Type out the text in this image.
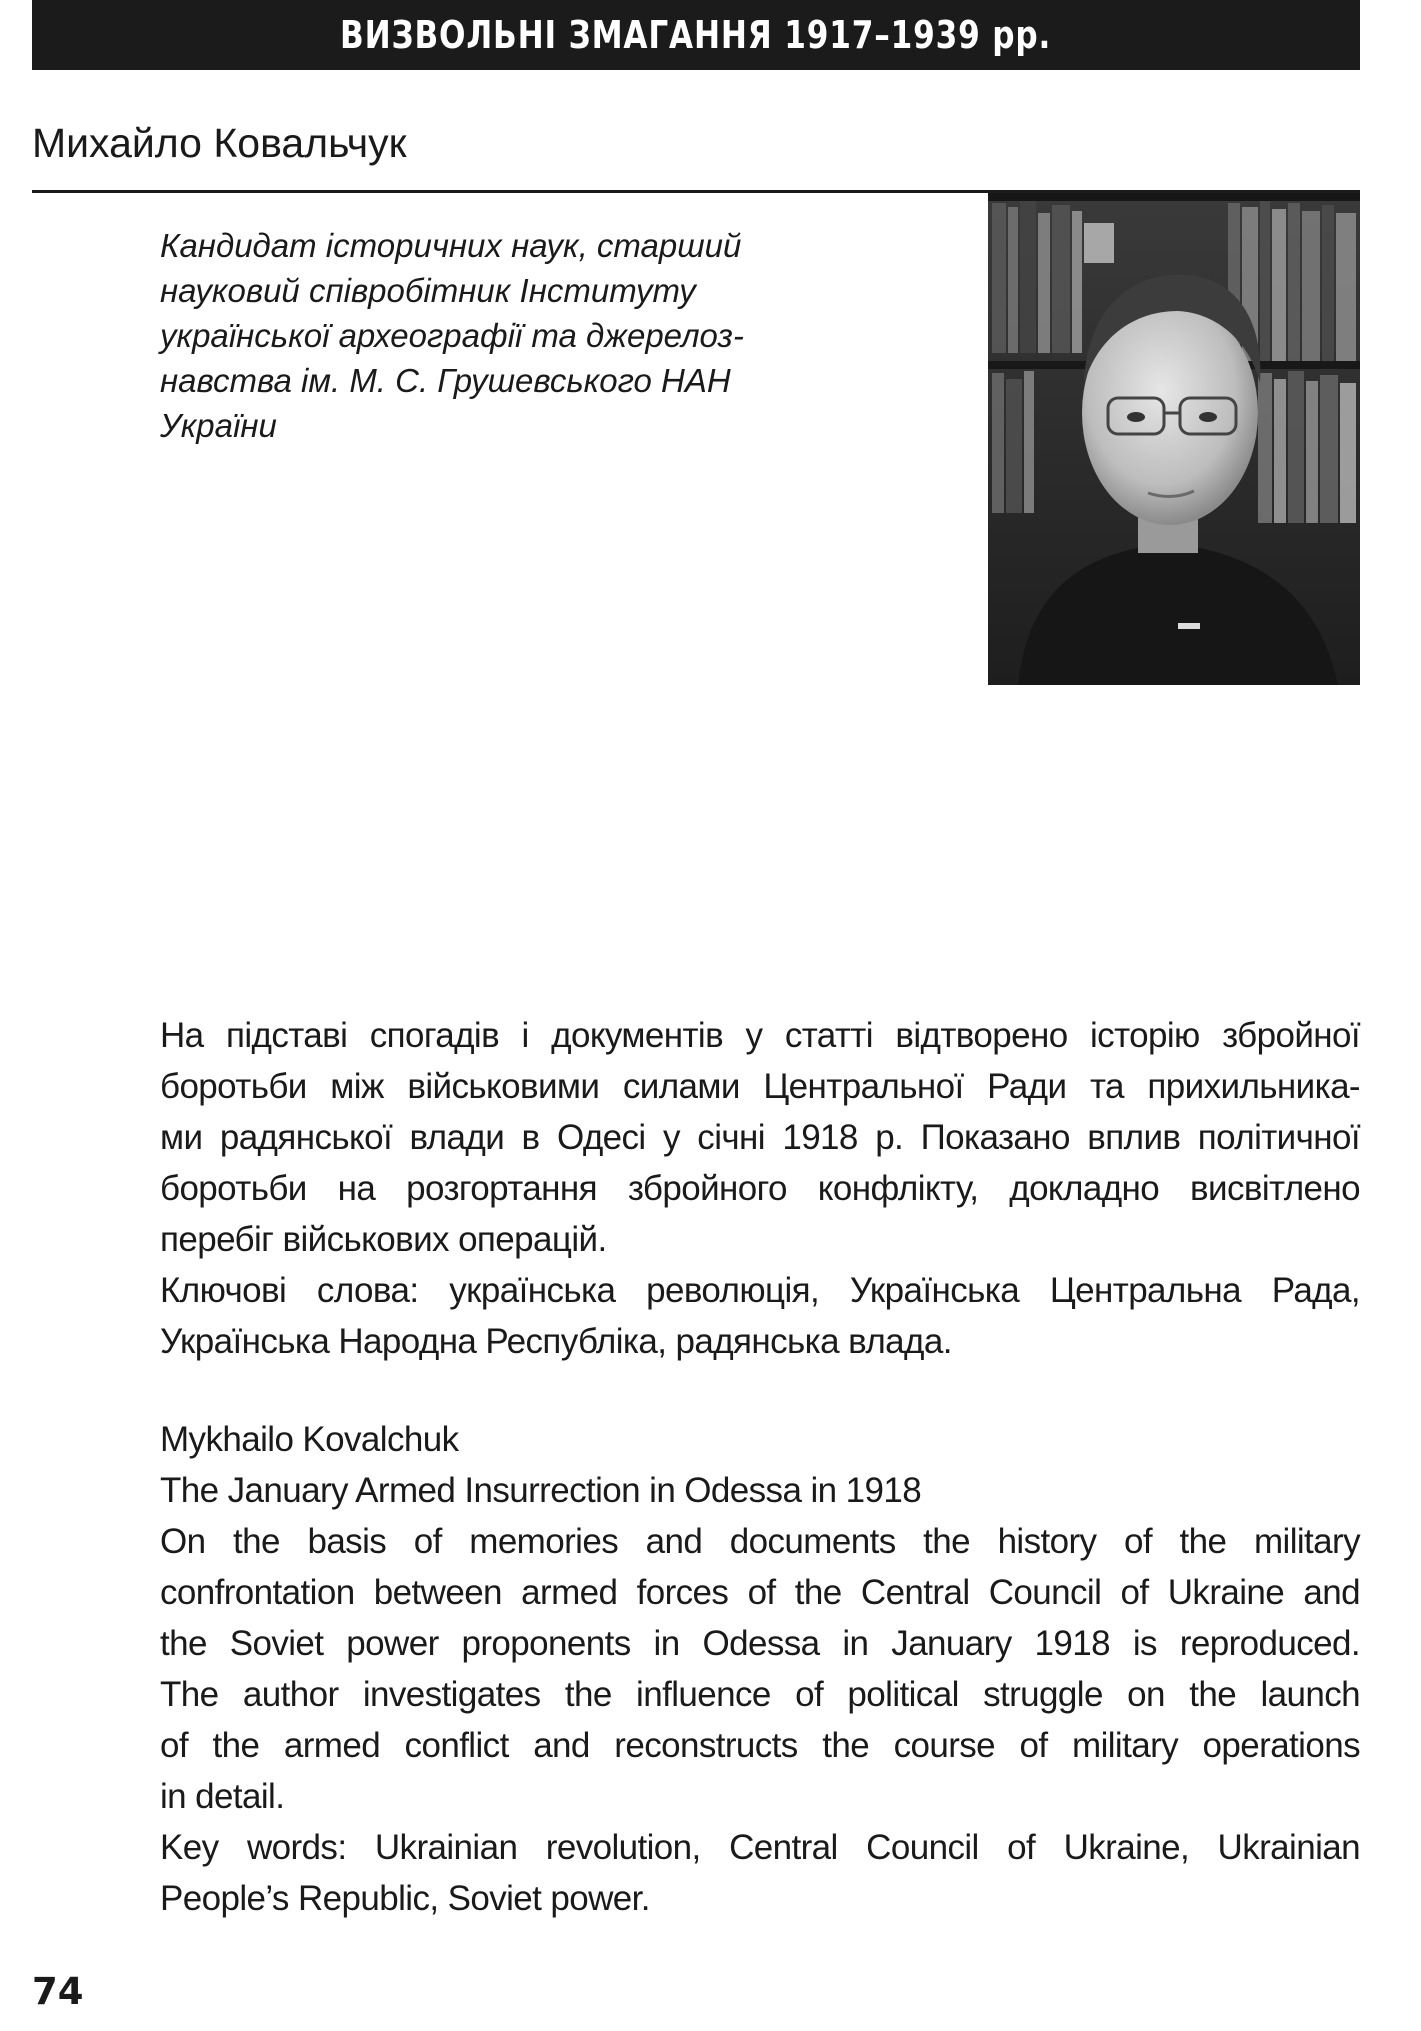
ВИЗВОЛЬНІ ЗМАГАННЯ 1917–1939 рр.
Михайло Ковальчук
Кандидат історичних наук, старший
науковий співробітник Інституту
української археографії та джерелоз-
навства ім. М. С. Грушевського НАН
України
На підставі спогадів і документів у статті відтворено історію збройної
боротьби між військовими силами Центральної Ради та прихильника-
ми радянської влади в Одесі у січні 1918 р. Показано вплив політичної
боротьби на розгортання збройного конфлікту, докладно висвітлено
перебіг військових операцій.
Ключові слова: українська революція, Українська Центральна Рада,
Українська Народна Республіка, радянська влада.
Mykhailo Kovalchuk
The January Armed Insurrection in Odessa in 1918
On the basis of memories and documents the history of the military
confrontation between armed forces of the Central Council of Ukraine and
the Soviet power proponents in Odessa in January 1918 is reproduced.
The author investigates the influence of political struggle on the launch
of the armed conflict and reconstructs the course of military operations
in detail.
Key words: Ukrainian revolution, Central Council of Ukraine, Ukrainian
People’s Republic, Soviet power.
74
